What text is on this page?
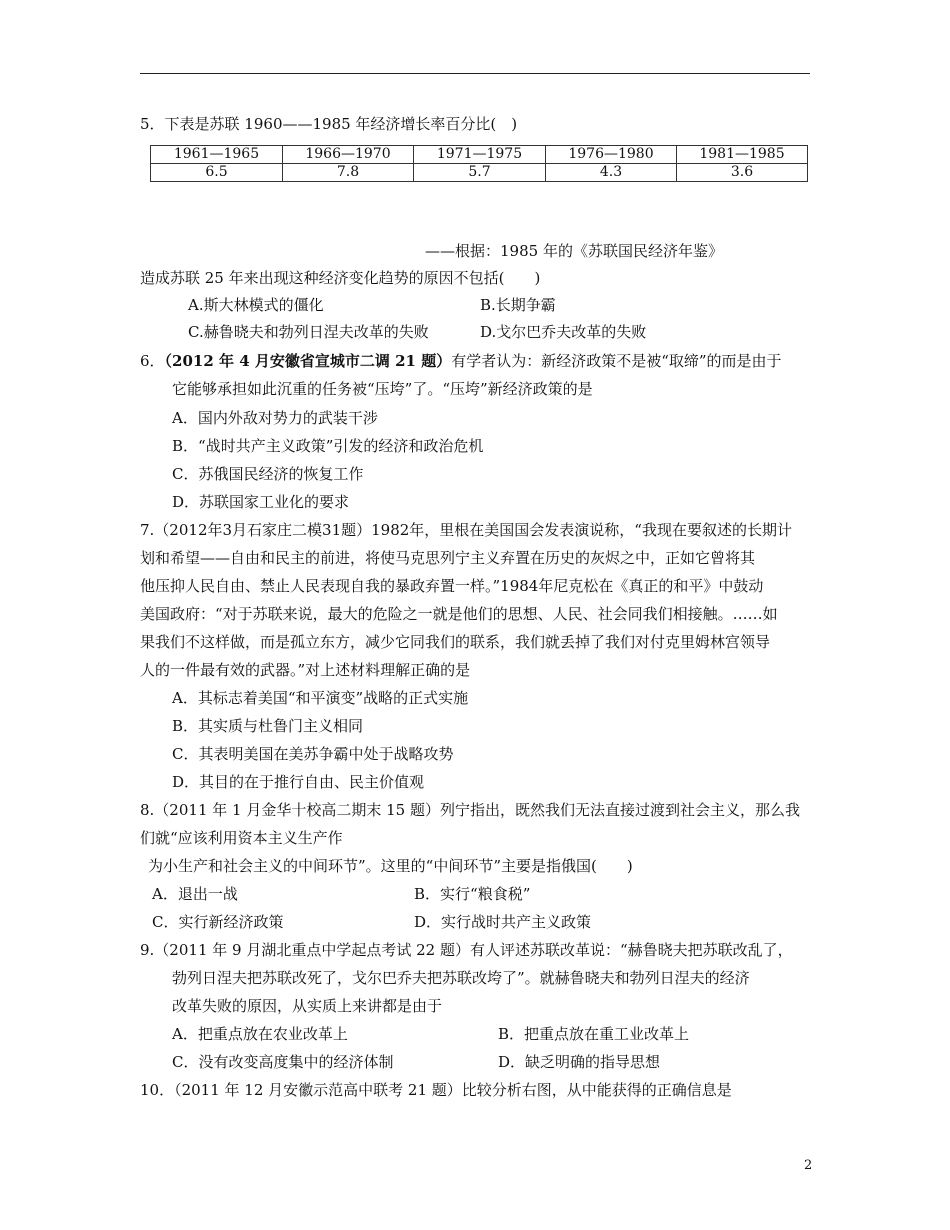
5．下表是苏联 1960——1985 年经济增长率百分比(　)
1961—1965	1966—1970	1971—1975	1976—1980	1981—1985
6.5	7.8	5.7	4.3	3.6
——根据：1985 年的《苏联国民经济年鉴》
造成苏联 25 年来出现这种经济变化趋势的原因不包括(　　)
A.斯大林模式的僵化	B.长期争霸
C.赫鲁晓夫和勃列日涅夫改革的失败	D.戈尔巴乔夫改革的失败
6．（2012 年 4 月安徽省宣城市二调 21 题）有学者认为：新经济政策不是被“取缔”的而是由于
它能够承担如此沉重的任务被“压垮”了。“压垮”新经济政策的是
A．国内外敌对势力的武装干涉
B．“战时共产主义政策”引发的经济和政治危机
C．苏俄国民经济的恢复工作
D．苏联国家工业化的要求
7.（2012年3月石家庄二模31题）1982年，里根在美国国会发表演说称，“我现在要叙述的长期计
划和希望——自由和民主的前进，将使马克思列宁主义弃置在历史的灰烬之中，正如它曾将其
他压抑人民自由、禁止人民表现自我的暴政弃置一样。”1984年尼克松在《真正的和平》中鼓动
美国政府：“对于苏联来说，最大的危险之一就是他们的思想、人民、社会同我们相接触。……如
果我们不这样做，而是孤立东方，减少它同我们的联系，我们就丢掉了我们对付克里姆林宫领导
人的一件最有效的武器。”对上述材料理解正确的是
A．其标志着美国“和平演变”战略的正式实施
B．其实质与杜鲁门主义相同
C．其表明美国在美苏争霸中处于战略攻势
D．其目的在于推行自由、民主价值观
8.（2011 年 1 月金华十校高二期末 15 题）列宁指出，既然我们无法直接过渡到社会主义，那么我
们就“应该利用资本主义生产作
为小生产和社会主义的中间环节”。这里的“中间环节”主要是指俄国(　　)
A．退出一战	B．实行“粮食税”
C．实行新经济政策	D．实行战时共产主义政策
9.（2011 年 9 月湖北重点中学起点考试 22 题）有人评述苏联改革说：“赫鲁晓夫把苏联改乱了，
勃列日涅夫把苏联改死了，戈尔巴乔夫把苏联改垮了”。就赫鲁晓夫和勃列日涅夫的经济
改革失败的原因，从实质上来讲都是由于
A．把重点放在农业改革上	B．把重点放在重工业改革上
C．没有改变高度集中的经济体制	D．缺乏明确的指导思想
10．（2011 年 12 月安徽示范高中联考 21 题）比较分析右图，从中能获得的正确信息是
2
